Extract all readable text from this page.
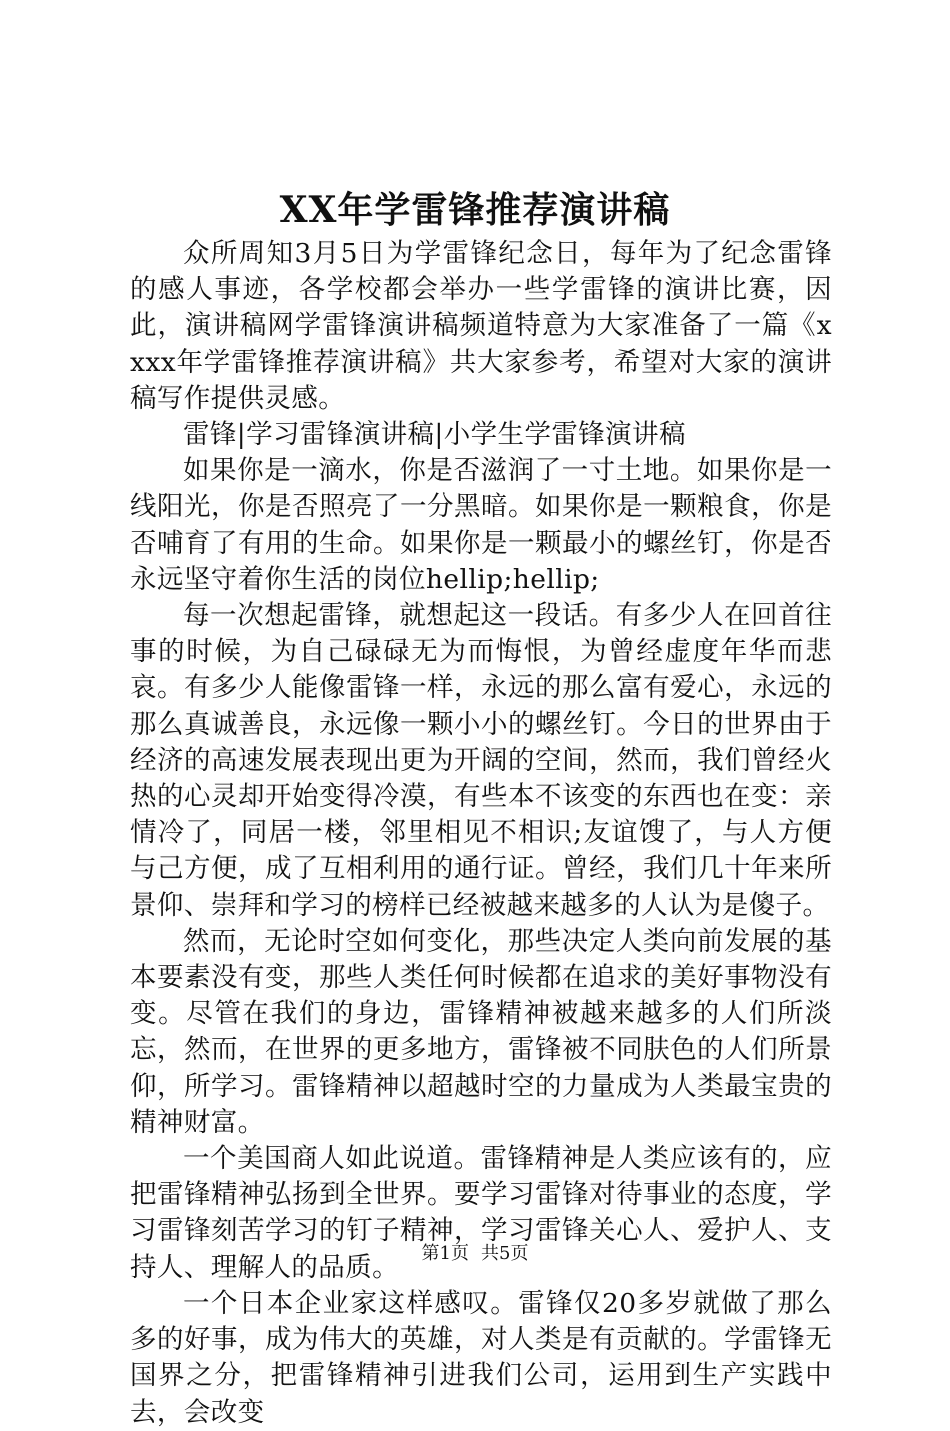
XX年学雷锋推荐演讲稿

众所周知3月5日为学雷锋纪念日，每年为了纪念雷锋的感人事迹，各学校都会举办一些学雷锋的演讲比赛，因此，演讲稿网学雷锋演讲稿频道特意为大家准备了一篇《xxxx年学雷锋推荐演讲稿》共大家参考，希望对大家的演讲稿写作提供灵感。

雷锋|学习雷锋演讲稿|小学生学雷锋演讲稿

如果你是一滴水，你是否滋润了一寸土地。如果你是一线阳光，你是否照亮了一分黑暗。如果你是一颗粮食，你是否哺育了有用的生命。如果你是一颗最小的螺丝钉，你是否永远坚守着你生活的岗位hellip;hellip;

每一次想起雷锋，就想起这一段话。有多少人在回首往事的时候，为自己碌碌无为而悔恨，为曾经虚度年华而悲哀。有多少人能像雷锋一样，永远的那么富有爱心，永远的那么真诚善良，永远像一颗小小的螺丝钉。今日的世界由于经济的高速发展表现出更为开阔的空间，然而，我们曾经火热的心灵却开始变得冷漠，有些本不该变的东西也在变：亲情冷了，同居一楼，邻里相见不相识;友谊馊了，与人方便与己方便，成了互相利用的通行证。曾经，我们几十年来所景仰、崇拜和学习的榜样已经被越来越多的人认为是傻子。

然而，无论时空如何变化，那些决定人类向前发展的基本要素没有变，那些人类任何时候都在追求的美好事物没有变。尽管在我们的身边，雷锋精神被越来越多的人们所淡忘，然而，在世界的更多地方，雷锋被不同肤色的人们所景仰，所学习。雷锋精神以超越时空的力量成为人类最宝贵的精神财富。

一个美国商人如此说道。雷锋精神是人类应该有的，应把雷锋精神弘扬到全世界。要学习雷锋对待事业的态度，学习雷锋刻苦学习的钉子精神，学习雷锋关心人、爱护人、支持人、理解人的品质。

一个日本企业家这样感叹。雷锋仅20多岁就做了那么多的好事，成为伟大的英雄，对人类是有贡献的。学雷锋无国界之分，把雷锋精神引进我们公司，运用到生产实践中去，会改变

第1页 共5页
